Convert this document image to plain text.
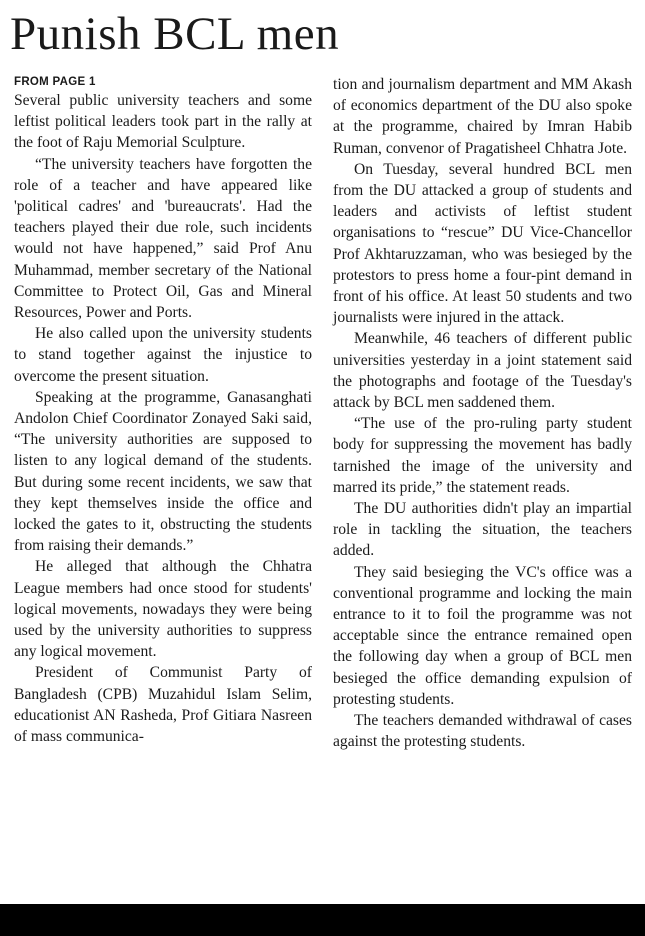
Punish BCL men
FROM PAGE 1

Several public university teachers and some leftist political leaders took part in the rally at the foot of Raju Memorial Sculpture.

“The university teachers have forgotten the role of a teacher and have appeared like 'political cadres' and 'bureaucrats'. Had the teachers played their due role, such incidents would not have happened,” said Prof Anu Muhammad, member secretary of the National Committee to Protect Oil, Gas and Mineral Resources, Power and Ports.

He also called upon the university students to stand together against the injustice to overcome the present situation.

Speaking at the programme, Ganasanghati Andolon Chief Coordinator Zonayed Saki said, “The university authorities are supposed to listen to any logical demand of the students. But during some recent incidents, we saw that they kept themselves inside the office and locked the gates to it, obstructing the students from raising their demands.”

He alleged that although the Chhatra League members had once stood for students' logical movements, nowadays they were being used by the university authorities to suppress any logical movement.

President of Communist Party of Bangladesh (CPB) Muzahidul Islam Selim, educationist AN Rasheda, Prof Gitiara Nasreen of mass communica-

tion and journalism department and MM Akash of economics department of the DU also spoke at the programme, chaired by Imran Habib Ruman, convenor of Pragatisheel Chhatra Jote.

On Tuesday, several hundred BCL men from the DU attacked a group of students and leaders and activists of leftist student organisations to “rescue” DU Vice-Chancellor Prof Akhtaruzzaman, who was besieged by the protestors to press home a four-pint demand in front of his office. At least 50 students and two journalists were injured in the attack.

Meanwhile, 46 teachers of different public universities yesterday in a joint statement said the photographs and footage of the Tuesday's attack by BCL men saddened them.

“The use of the pro-ruling party student body for suppressing the movement has badly tarnished the image of the university and marred its pride,” the statement reads.

The DU authorities didn't play an impartial role in tackling the situation, the teachers added.

They said besieging the VC's office was a conventional programme and locking the main entrance to it to foil the programme was not acceptable since the entrance remained open the following day when a group of BCL men besieged the office demanding expulsion of protesting students.

The teachers demanded withdrawal of cases against the protesting students.
